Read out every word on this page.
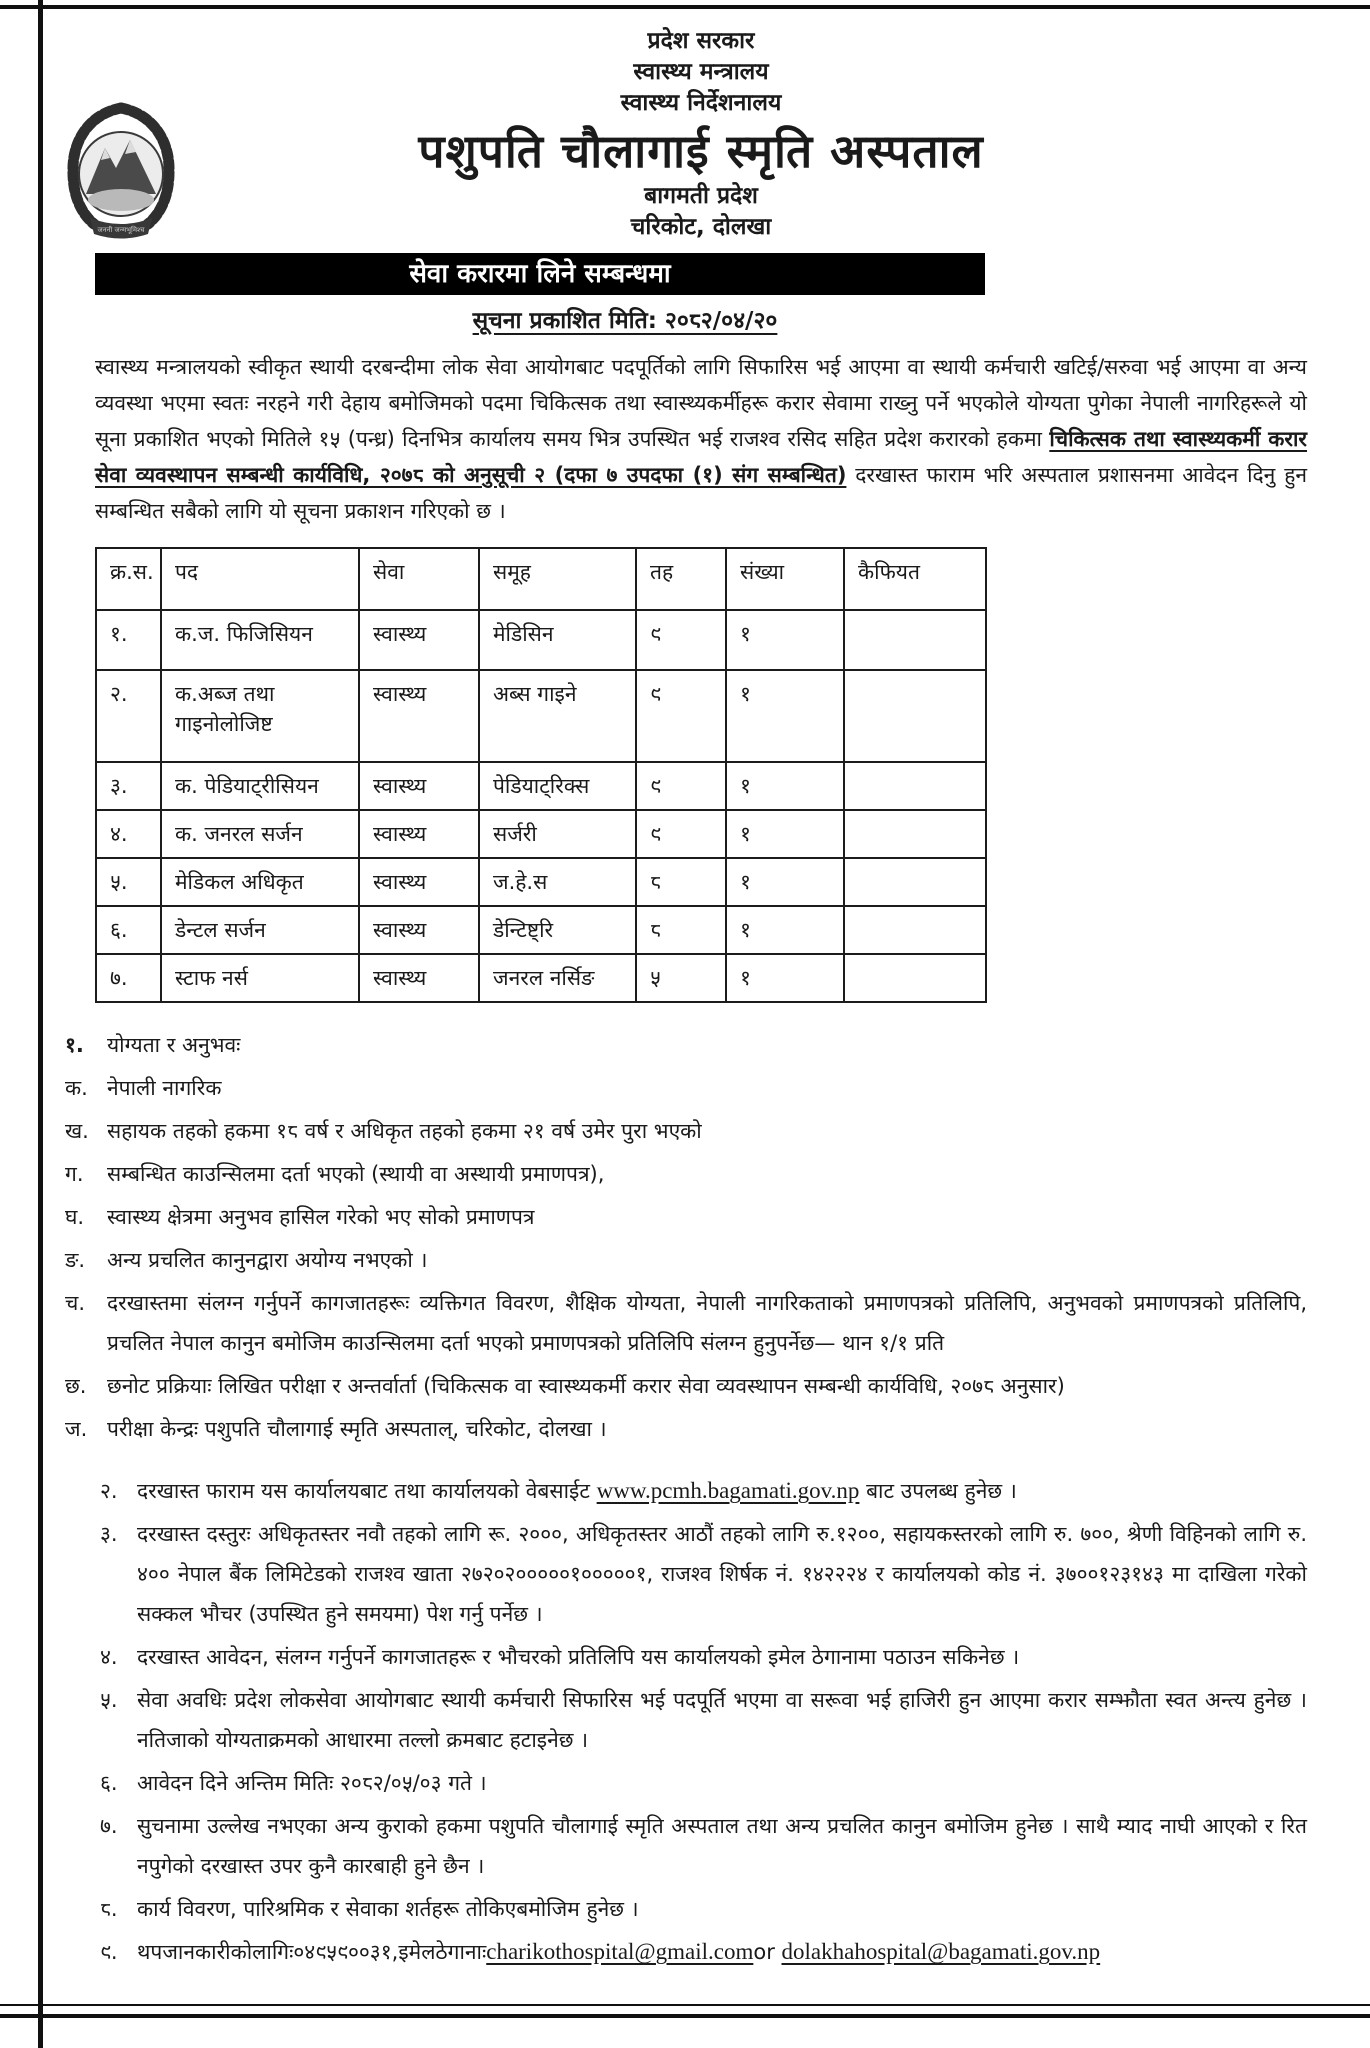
जननी जन्मभूमिश्च
प्रदेश सरकार
स्वास्थ्य मन्त्रालय
स्वास्थ्य निर्देशनालय
पशुपति चौलागाई स्मृति अस्पताल
बागमती प्रदेश
चरिकोट, दोलखा
सेवा करारमा लिने सम्बन्धमा
सूचना प्रकाशित मिति: २०८२/०४/२०
स्वास्थ्य मन्त्रालयको स्वीकृत स्थायी दरबन्दीमा लोक सेवा आयोगबाट पदपूर्तिको लागि सिफारिस भई आएमा वा स्थायी कर्मचारी खटिई/सरुवा भई आएमा वा अन्य व्यवस्था भएमा स्वतः नरहने गरी देहाय बमोजिमको पदमा चिकित्सक तथा स्वास्थ्यकर्मीहरू करार सेवामा राख्नु पर्ने भएकोले योग्यता पुगेका नेपाली नागरिहरूले यो सूना प्रकाशित भएको मितिले १५ (पन्ध्र) दिनभित्र कार्यालय समय भित्र उपस्थित भई राजश्व रसिद सहित प्रदेश करारको हकमा चिकित्सक तथा स्वास्थ्यकर्मी करार सेवा व्यवस्थापन सम्बन्धी कार्यविधि, २०७८ को अनुसूची २ (दफा ७ उपदफा (१) संग सम्बन्धित) दरखास्त फाराम भरि अस्पताल प्रशासनमा आवेदन दिनु हुन सम्बन्धित सबैको लागि यो सूचना प्रकाशन गरिएको छ ।
क्र.स.	पद	सेवा	समूह	तह	संख्या	कैफियत
१.	क.ज. फिजिसियन	स्वास्थ्य	मेडिसिन	९	१	
२.	क.अब्ज तथा गाइनोलोजिष्ट	स्वास्थ्य	अब्स गाइने	९	१	
३.	क. पेडियाट्रीसियन	स्वास्थ्य	पेडियाट्रिक्स	९	१	
४.	क. जनरल सर्जन	स्वास्थ्य	सर्जरी	९	१	
५.	मेडिकल अधिकृत	स्वास्थ्य	ज.हे.स	८	१	
६.	डेन्टल सर्जन	स्वास्थ्य	डेन्टिष्ट्रि	८	१	
७.	स्टाफ नर्स	स्वास्थ्य	जनरल नर्सिङ	५	१	
१.	योग्यता र अनुभवः
क. नेपाली नागरिक
ख. सहायक तहको हकमा १८ वर्ष र अधिकृत तहको हकमा २१ वर्ष उमेर पुरा भएको
ग.	सम्बन्धित काउन्सिलमा दर्ता भएको (स्थायी वा अस्थायी प्रमाणपत्र),
घ.	स्वास्थ्य क्षेत्रमा अनुभव हासिल गरेको भए सोको प्रमाणपत्र
ङ.	अन्य प्रचलित कानुनद्वारा अयोग्य नभएको ।
च.	दरखास्तमा संलग्न गर्नुपर्ने कागजातहरूः व्यक्तिगत विवरण, शैक्षिक योग्यता, नेपाली नागरिकताको प्रमाणपत्रको प्रतिलिपि, अनुभवको प्रमाणपत्रको प्रतिलिपि, प्रचलित नेपाल कानुन बमोजिम काउन्सिलमा दर्ता भएको प्रमाणपत्रको प्रतिलिपि संलग्न हुनुपर्नेछ— थान १/१ प्रति
छ. छनोट प्रक्रियाः लिखित परीक्षा र अन्तर्वार्ता (चिकित्सक वा स्वास्थ्यकर्मी करार सेवा व्यवस्थापन सम्बन्धी कार्यविधि, २०७८ अनुसार)
ज. परीक्षा केन्द्रः पशुपति चौलागाई स्मृति अस्पताल्, चरिकोट, दोलखा ।
२. दरखास्त फाराम यस कार्यालयबाट तथा कार्यालयको वेबसाईट www.pcmh.bagamati.gov.np बाट उपलब्ध हुनेछ ।
३. दरखास्त दस्तुरः अधिकृतस्तर नवौ तहको लागि रू. २०००, अधिकृतस्तर आठौं तहको लागि रु.१२००, सहायकस्तरको लागि रु. ७००, श्रेणी विहिनको लागि रु. ४०० नेपाल बैंक लिमिटेडको राजश्व खाता २७२०२०००००१०००००१, राजश्व शिर्षक नं. १४२२२४ र कार्यालयको कोड नं. ३७००१२३१४३ मा दाखिला गरेको सक्कल भौचर (उपस्थित हुने समयमा) पेश गर्नु पर्नेछ ।
४. दरखास्त आवेदन, संलग्न गर्नुपर्ने कागजातहरू र भौचरको प्रतिलिपि यस कार्यालयको इमेल ठेगानामा पठाउन सकिनेछ ।
५. सेवा अवधिः प्रदेश लोकसेवा आयोगबाट स्थायी कर्मचारी सिफारिस भई पदपूर्ति भएमा वा सरूवा भई हाजिरी हुन आएमा करार सम्झौता स्वत अन्त्य हुनेछ । नतिजाको योग्यताक्रमको आधारमा तल्लो क्रमबाट हटाइनेछ ।
६. आवेदन दिने अन्तिम मितिः २०८२/०५/०३ गते ।
७. सुचनामा उल्लेख नभएका अन्य कुराको हकमा पशुपति चौलागाई स्मृति अस्पताल तथा अन्य प्रचलित कानुन बमोजिम हुनेछ । साथै म्याद नाघी आएको र रित नपुगेको दरखास्त उपर कुनै कारबाही हुने छैन ।
८. कार्य विवरण, पारिश्रमिक र सेवाका शर्तहरू तोकिएबमोजिम हुनेछ ।
९. थपजानकारीकोलागिः०४९५९००३१,इमेलठेगानाःcharikothospital@gmail.comor dolakhahospital@bagamati.gov.np
